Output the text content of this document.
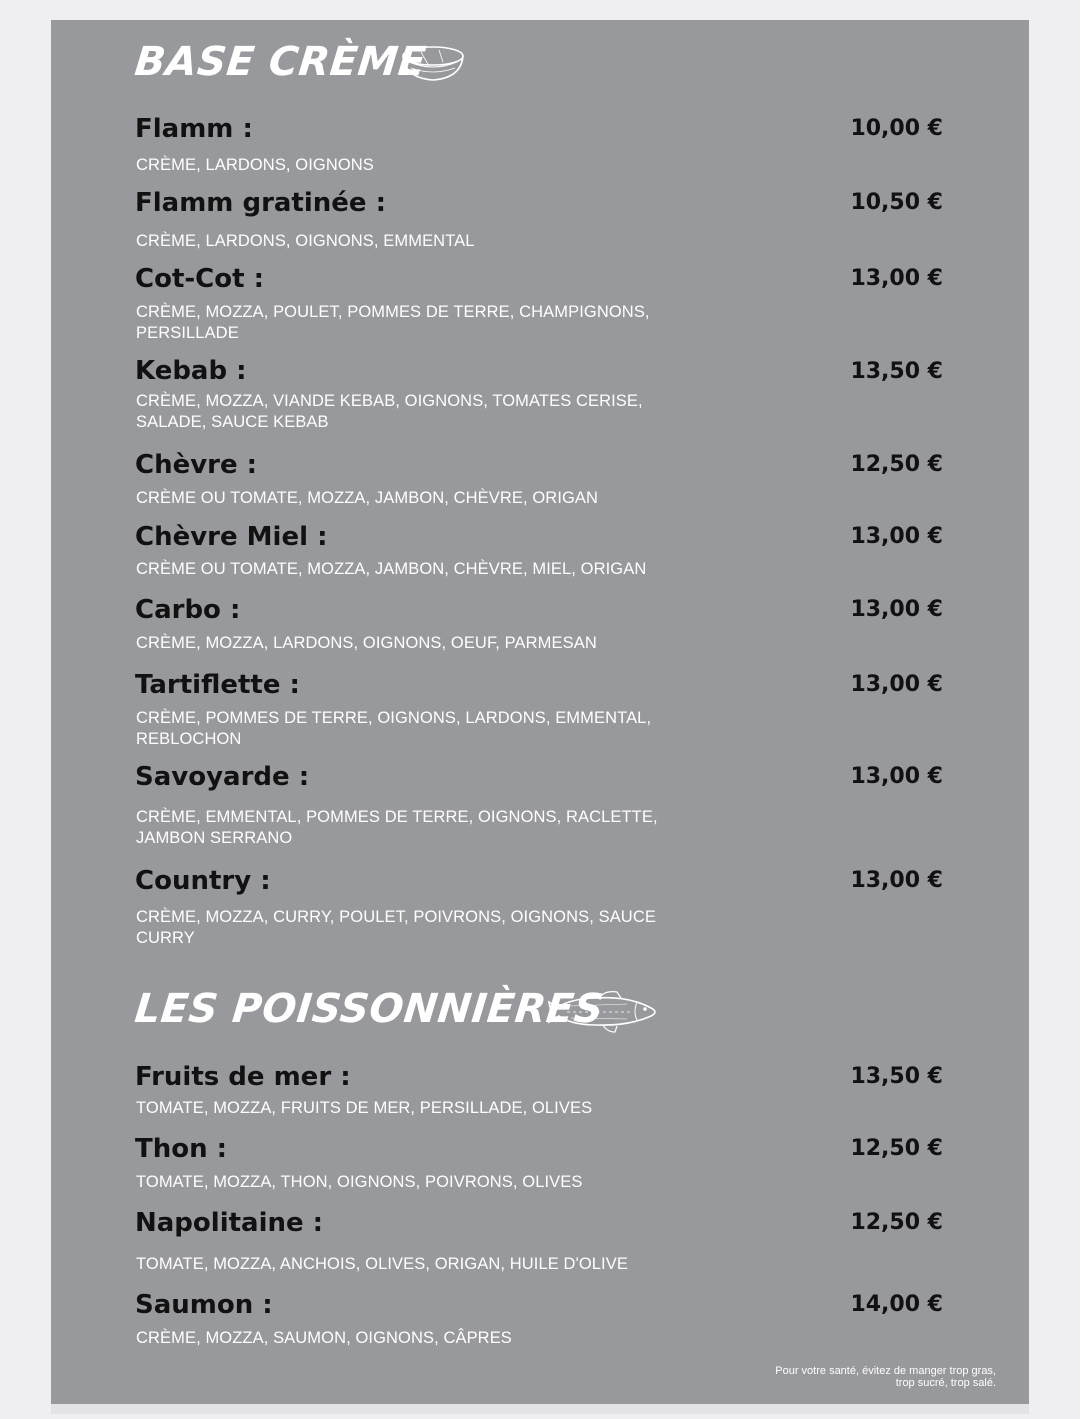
BASE CRÈME
Flamm :	10,00 €
CRÈME, LARDONS, OIGNONS
Flamm gratinée :	10,50 €
CRÈME, LARDONS, OIGNONS, EMMENTAL
Cot-Cot :	13,00 €
CRÈME, MOZZA, POULET, POMMES DE TERRE, CHAMPIGNONS, PERSILLADE
Kebab :	13,50 €
CRÈME, MOZZA, VIANDE KEBAB, OIGNONS, TOMATES CERISE, SALADE, SAUCE KEBAB
Chèvre :	12,50 €
CRÈME OU TOMATE, MOZZA, JAMBON, CHÈVRE, ORIGAN
Chèvre Miel :	13,00 €
CRÈME OU TOMATE, MOZZA, JAMBON, CHÈVRE, MIEL, ORIGAN
Carbo :	13,00 €
CRÈME, MOZZA, LARDONS, OIGNONS, OEUF, PARMESAN
Tartiflette :	13,00 €
CRÈME, POMMES DE TERRE, OIGNONS, LARDONS, EMMENTAL, REBLOCHON
Savoyarde :	13,00 €
CRÈME, EMMENTAL, POMMES DE TERRE, OIGNONS, RACLETTE, JAMBON SERRANO
Country :	13,00 €
CRÈME, MOZZA, CURRY, POULET, POIVRONS, OIGNONS, SAUCE CURRY
LES POISSONNIÈRES
Fruits de mer :	13,50 €
TOMATE, MOZZA, FRUITS DE MER, PERSILLADE, OLIVES
Thon :	12,50 €
TOMATE, MOZZA, THON, OIGNONS, POIVRONS, OLIVES
Napolitaine :	12,50 €
TOMATE, MOZZA, ANCHOIS, OLIVES, ORIGAN, HUILE D'OLIVE
Saumon :	14,00 €
CRÈME, MOZZA, SAUMON, OIGNONS, CÂPRES
Pour votre santé, évitez de manger trop gras,
trop sucré, trop salé.
